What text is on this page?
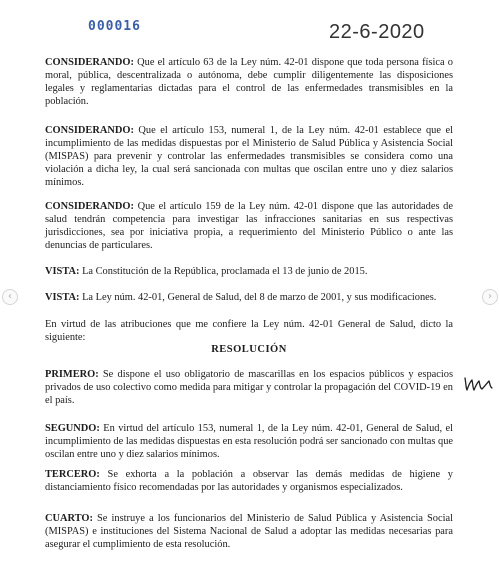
000016	22-6-2020

CONSIDERANDO: Que el artículo 63 de la Ley núm. 42-01 dispone que toda persona física o moral, pública, descentralizada o autónoma, debe cumplir diligentemente las disposiciones legales y reglamentarias dictadas para el control de las enfermedades transmisibles en la población.

CONSIDERANDO: Que el artículo 153, numeral 1, de la Ley núm. 42-01 establece que el incumplimiento de las medidas dispuestas por el Ministerio de Salud Pública y Asistencia Social (MISPAS) para prevenir y controlar las enfermedades transmisibles se considera como una violación a dicha ley, la cual será sancionada con multas que oscilan entre uno y diez salarios mínimos.

CONSIDERANDO: Que el artículo 159 de la Ley núm. 42-01 dispone que las autoridades de salud tendrán competencia para investigar las infracciones sanitarias en sus respectivas jurisdicciones, sea por iniciativa propia, a requerimiento del Ministerio Público o ante las denuncias de particulares.

VISTA: La Constitución de la República, proclamada el 13 de junio de 2015.

VISTA: La Ley núm. 42-01, General de Salud, del 8 de marzo de 2001, y sus modificaciones.

En virtud de las atribuciones que me confiere la Ley núm. 42-01 General de Salud, dicto la siguiente:

RESOLUCIÓN

PRIMERO: Se dispone el uso obligatorio de mascarillas en los espacios públicos y espacios privados de uso colectivo como medida para mitigar y controlar la propagación del COVID-19 en el país.

SEGUNDO: En virtud del artículo 153, numeral 1, de la Ley núm. 42-01, General de Salud, el incumplimiento de las medidas dispuestas en esta resolución podrá ser sancionado con multas que oscilan entre uno y diez salarios mínimos.

TERCERO: Se exhorta a la población a observar las demás medidas de higiene y distanciamiento físico recomendadas por las autoridades y organismos especializados.

CUARTO: Se instruye a los funcionarios del Ministerio de Salud Pública y Asistencia Social (MISPAS) e instituciones del Sistema Nacional de Salud a adoptar las medidas necesarias para asegurar el cumplimiento de esta resolución.

‹	›
